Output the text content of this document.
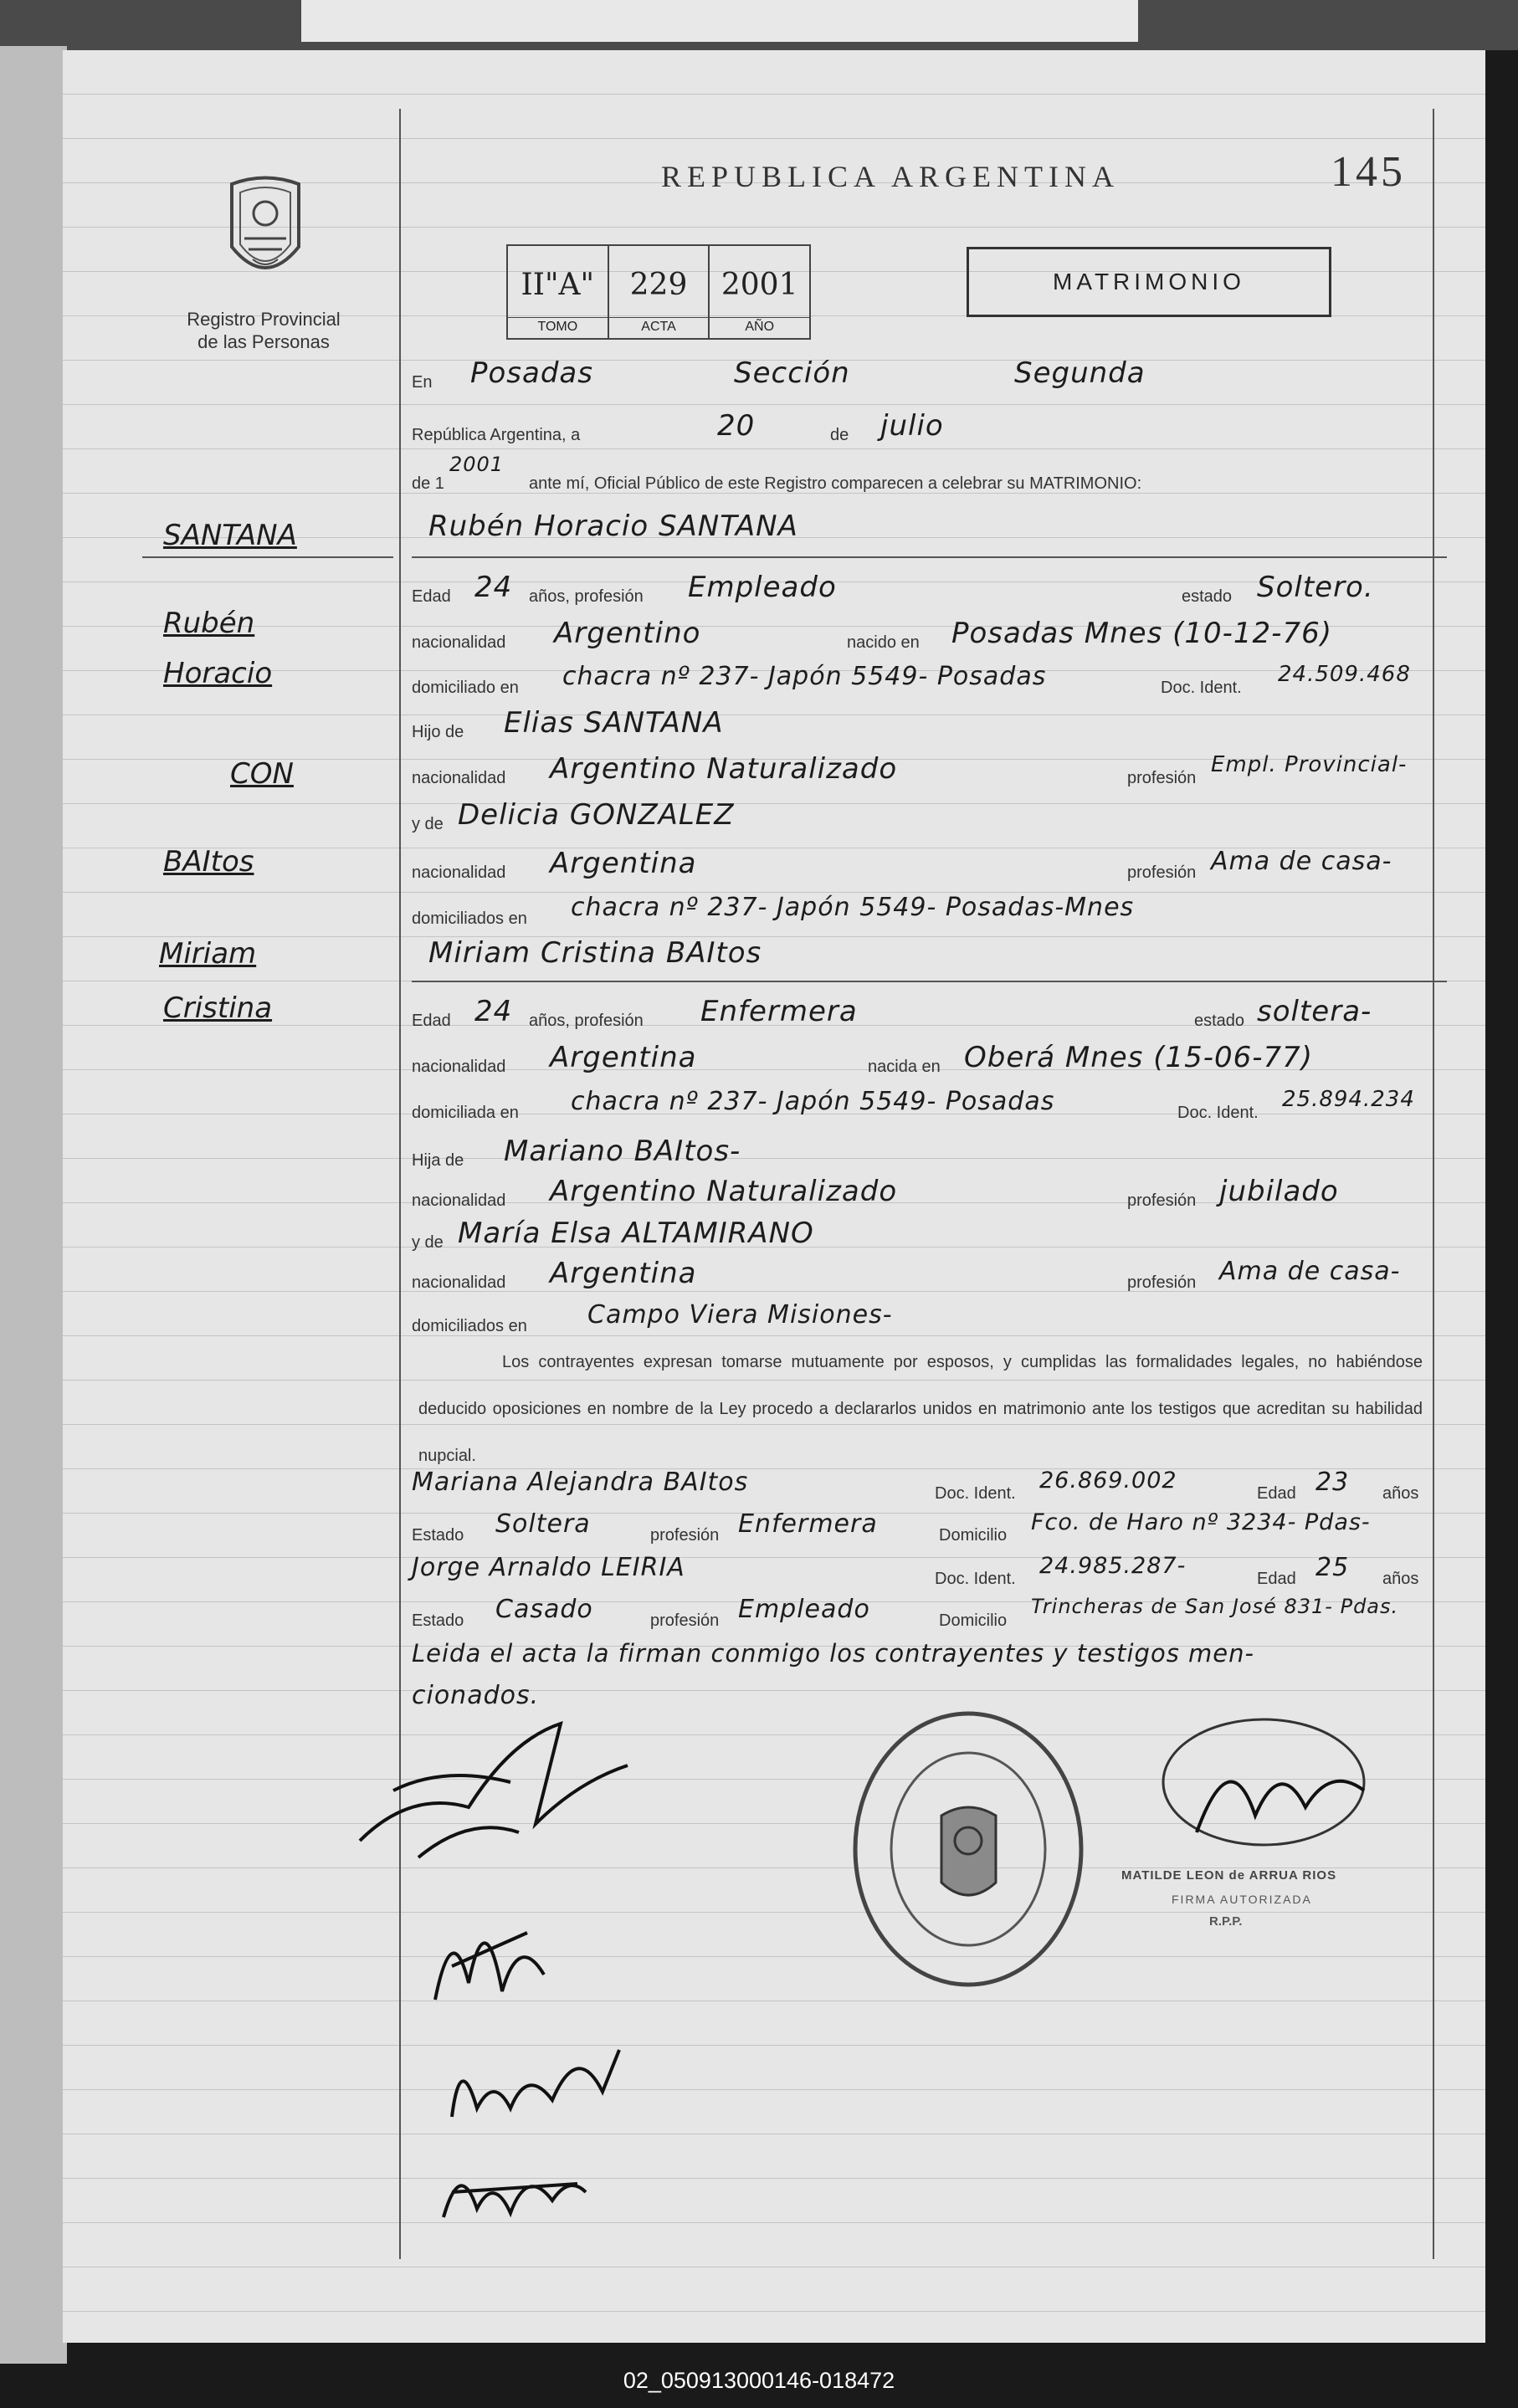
Registro Provincial
de las Personas
REPUBLICA ARGENTINA	145
II"A"
TOMO
229
ACTA
2001
AÑO
MATRIMONIO
SANTANA
Rubén
Horacio
CON
BAItos
Miriam
Cristina
En Posadas	Sección	Segunda
República Argentina, a	20	de julio
de 1
2001
ante mí, Oficial Público de este Registro comparecen a celebrar su MATRIMONIO:
Rubén Horacio SANTANA
Edad 24 años, profesión Empleado	estado Soltero.
nacionalidad Argentino	nacido en Posadas Mnes (10-12-76)
domiciliado en chacra nº 237- Japón 5549- Posadas	Doc. Ident.
24.509.468
Hijo de Elias SANTANA
nacionalidad Argentino Naturalizado	profesión
Empl. Provincial-
y de Delicia GONZALEZ
nacionalidad Argentina	profesión Ama de casa-
domiciliados en chacra nº 237- Japón 5549- Posadas-Mnes
Miriam Cristina BAItos
Edad 24 años, profesión Enfermera	estado soltera-
nacionalidad Argentina	nacida en Oberá Mnes (15-06-77)
domiciliada en chacra nº 237- Japón 5549- Posadas	Doc. Ident.
25.894.234
Hija de Mariano BAItos-
nacionalidad Argentino Naturalizado	profesión jubilado
y de María Elsa ALTAMIRANO
nacionalidad Argentina	profesión Ama de casa-
domiciliados en Campo Viera Misiones-
Los contrayentes expresan tomarse mutuamente por esposos, y cumplidas las formalidades legales, no habiéndose deducido oposiciones en nombre de la Ley procedo a declararlos unidos en matrimonio ante los testigos que acreditan su habilidad nupcial.
Mariana Alejandra BAItos	Doc. Ident. 26.869.002	Edad 23 años
Estado Soltera	profesión Enfermera	Domicilio Fco. de Haro nº 3234- Pdas-
Jorge Arnaldo LEIRIA	Doc. Ident. 24.985.287-	Edad 25 años
Estado Casado	profesión Empleado	Domicilio
Trincheras de San José 831- Pdas.
Leida el acta la firman conmigo los contrayentes y testigos men-
cionados.
MATILDE LEON de ARRUA RIOS
FIRMA AUTORIZADA
R.P.P.
02_050913000146-018472
